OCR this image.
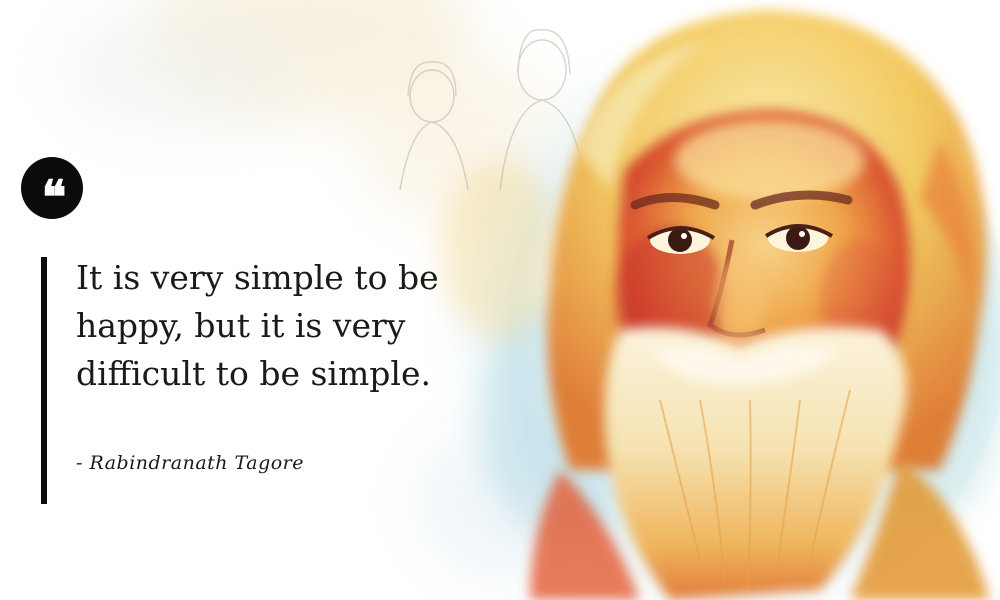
❝

It is very simple to be happy, but it is very difficult to be simple.

- Rabindranath Tagore
